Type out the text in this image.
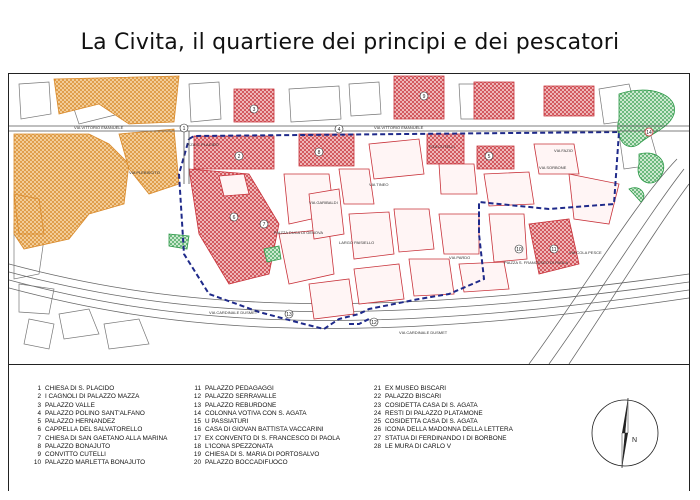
La Civita, il quartiere dei principi e dei pescatori
VIA VITTORIO EMANUELE	VIA VITTORIO EMANUELE
P.ZA S. PLACIDO	P.ZA CUTELLI
VIA TINEO
VIA SORBONE
VIA FAZIO
PIAZZA DUCA DI GENOVA
LARGO PAISIELLO
VIA PARDO
PIAZZA S. FRANCESCO DI PAOLA
VIA COLA PESCE
VIA CARDINALE DUSMET
VIA CARDINALE DUSMET
VIA GARIBALDI
VIA PLEBISCITO
1
2
3
4
5
6
7
8
9
10	11
12
13
14
1 CHIESA DI S. PLACIDO
2 I CAGNOLI DI PALAZZO MAZZA
3 PALAZZO VALLE
4 PALAZZO POLINO SANT'ALFANO
5 PALAZZO HERNANDEZ
6 CAPPELLA DEL SALVATORELLO
7 CHIESA DI SAN GAETANO ALLA MARINA
8 PALAZZO BONAJUTO
9 CONVITTO CUTELLI
10 PALAZZO MARLETTA BONAJUTO
11 PALAZZO PEDAGAGGI
12 PALAZZO SERRAVALLE
13 PALAZZO REBURDONE
14 COLONNA VOTIVA CON S. AGATA
15 U PASSIATURI
16 CASA DI GIOVAN BATTISTA VACCARINI
17 EX CONVENTO DI S. FRANCESCO DI PAOLA
18 L'ICONA SPEZZONATA
19 CHIESA DI S. MARIA DI PORTOSALVO
20 PALAZZO BOCCADIFUOCO
21 EX MUSEO BISCARI
22 PALAZZO BISCARI
23 COSIDETTA CASA DI S. AGATA
24 RESTI DI PALAZZO PLATAMONE
25 COSIDETTA CASA DI S. AGATA
26 ICONA DELLA MADONNA DELLA LETTERA
27 STATUA DI FERDINANDO I DI BORBONE
28 LE MURA DI CARLO V
N
